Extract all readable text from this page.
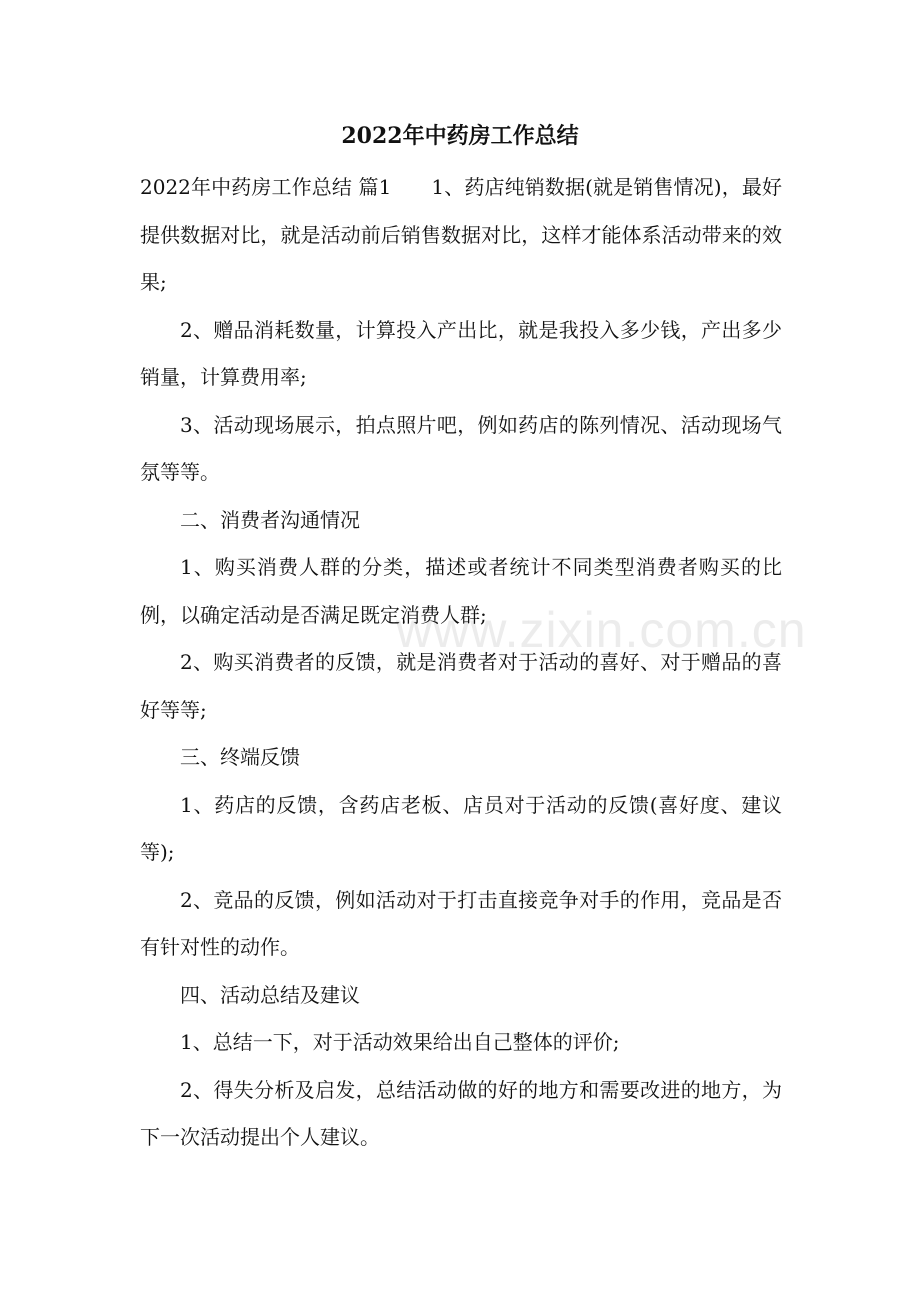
www.zixin.com.cn
2022年中药房工作总结

2022年中药房工作总结 篇1 1、药店纯销数据(就是销售情况)，最好提供数据对比，就是活动前后销售数据对比，这样才能体系活动带来的效果;

2、赠品消耗数量，计算投入产出比，就是我投入多少钱，产出多少销量，计算费用率;

3、活动现场展示，拍点照片吧，例如药店的陈列情况、活动现场气氛等等。

二、消费者沟通情况

1、购买消费人群的分类，描述或者统计不同类型消费者购买的比例，以确定活动是否满足既定消费人群;

2、购买消费者的反馈，就是消费者对于活动的喜好、对于赠品的喜好等等;

三、终端反馈

1、药店的反馈，含药店老板、店员对于活动的反馈(喜好度、建议等);

2、竞品的反馈，例如活动对于打击直接竞争对手的作用，竞品是否有针对性的动作。

四、活动总结及建议

1、总结一下，对于活动效果给出自己整体的评价;

2、得失分析及启发，总结活动做的好的地方和需要改进的地方，为下一次活动提出个人建议。
